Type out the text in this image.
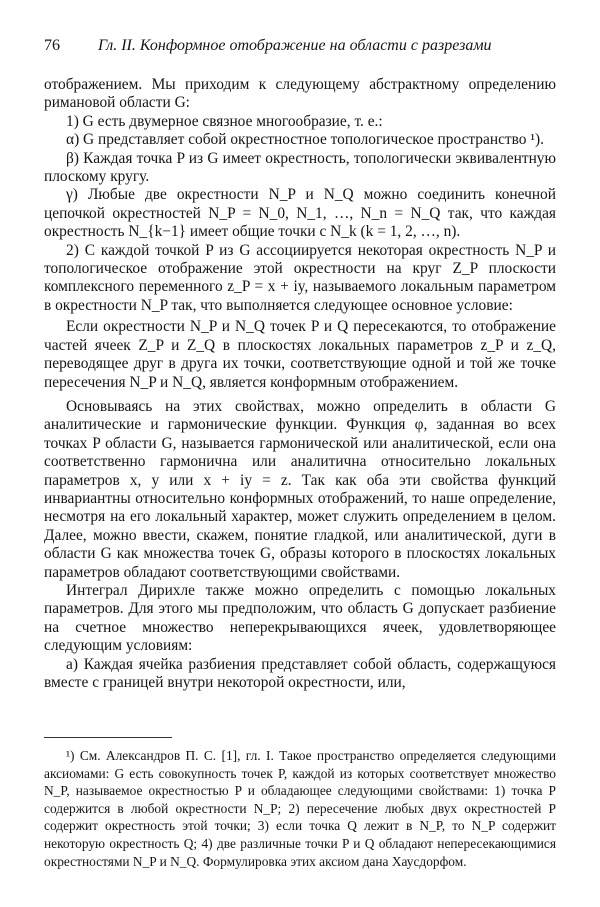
76 Гл. II. Конформное отображение на области с разрезами

отображением. Мы приходим к следующему абстрактному определению римановой области G:

1) G есть двумерное связное многообразие, т. е.:

α) G представляет собой окрестностное топологическое пространство ¹).

β) Каждая точка P из G имеет окрестность, топологически эквивалентную плоскому кругу.

γ) Любые две окрестности N_P и N_Q можно соединить конечной цепочкой окрестностей N_P = N_0, N_1, …, N_n = N_Q так, что каждая окрестность N_{k−1} имеет общие точки с N_k (k = 1, 2, …, n).

2) С каждой точкой P из G ассоциируется некоторая окрестность N_P и топологическое отображение этой окрестности на круг Z_P плоскости комплексного переменного z_P = x + iy, называемого локальным параметром в окрестности N_P так, что выполняется следующее основное условие:

Если окрестности N_P и N_Q точек P и Q пересекаются, то отображение частей ячеек Z_P и Z_Q в плоскостях локальных параметров z_P и z_Q, переводящее друг в друга их точки, соответствующие одной и той же точке пересечения N_P и N_Q, является конформным отображением.

Основываясь на этих свойствах, можно определить в области G аналитические и гармонические функции. Функция φ, заданная во всех точках P области G, называется гармонической или аналитической, если она соответственно гармонична или аналитична относительно локальных параметров x, y или x + iy = z. Так как оба эти свойства функций инвариантны относительно конформных отображений, то наше определение, несмотря на его локальный характер, может служить определением в целом. Далее, можно ввести, скажем, понятие гладкой, или аналитической, дуги в области G как множества точек G, образы которого в плоскостях локальных параметров обладают соответствующими свойствами.

Интеграл Дирихле также можно определить с помощью локальных параметров. Для этого мы предположим, что область G допускает разбиение на счетное множество неперекрывающихся ячеек, удовлетворяющее следующим условиям:

а) Каждая ячейка разбиения представляет собой область, содержащуюся вместе с границей внутри некоторой окрестности, или,

¹) См. Александров П. С. [1], гл. I. Такое пространство определяется следующими аксиомами: G есть совокупность точек P, каждой из которых соответствует множество N_P, называемое окрестностью P и обладающее следующими свойствами: 1) точка P содержится в любой окрестности N_P; 2) пересечение любых двух окрестностей P содержит окрестность этой точки; 3) если точка Q лежит в N_P, то N_P содержит некоторую окрестность Q; 4) две различные точки P и Q обладают непересекающимися окрестностями N_P и N_Q. Формулировка этих аксиом дана Хаусдорфом.
